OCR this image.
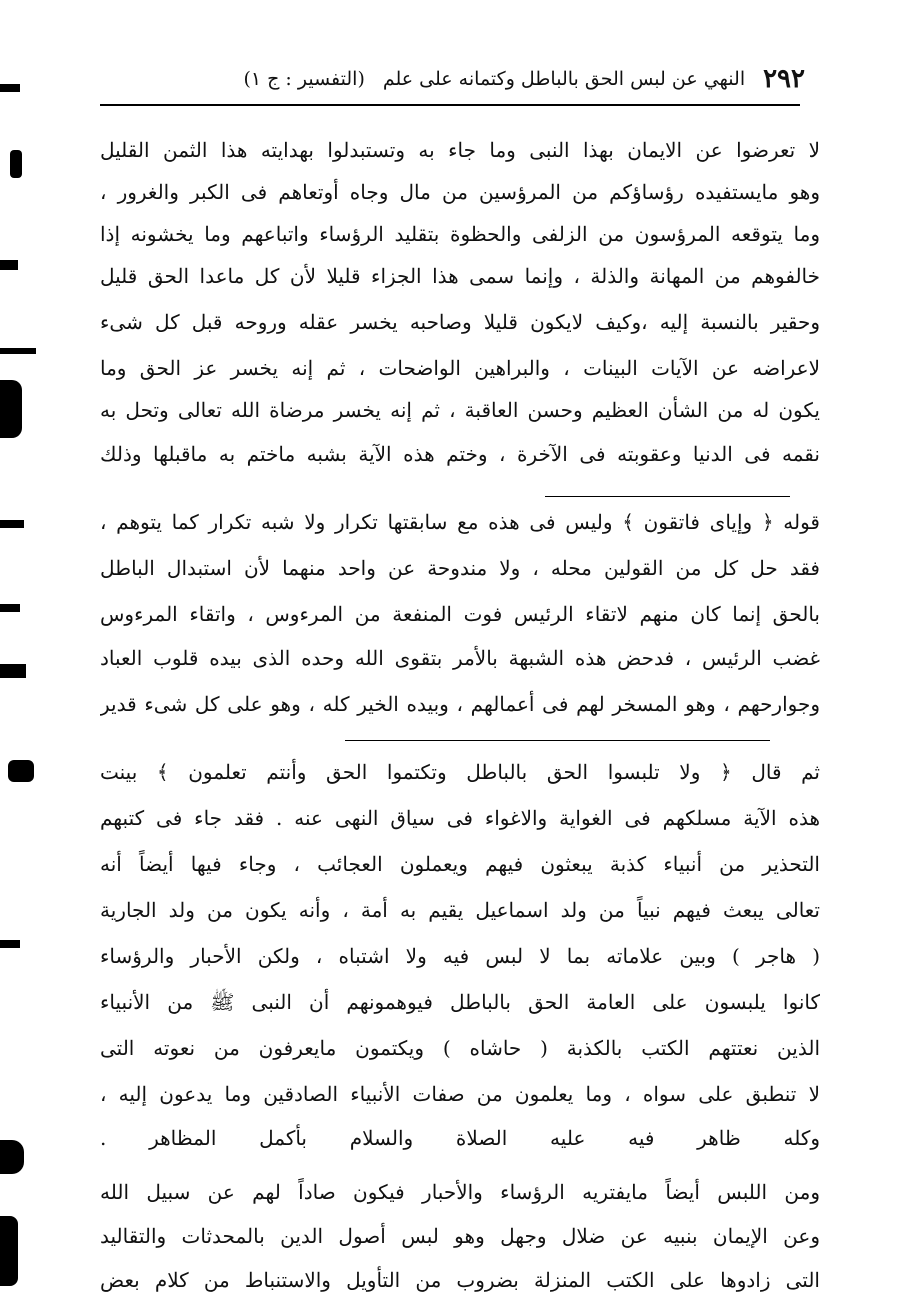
٢٩٢
النهي عن لبس الحق بالباطل وكتمانه على علم
(التفسير : ج ١)
لا تعرضوا عن الايمان بهذا النبى وما جاء به وتستبدلوا بهدايته هذا الثمن القليل
وهو مايستفيده رؤساؤكم من المرؤسين من مال وجاه أوتعاهم فى الكبر والغرور ،
وما يتوقعه المرؤسون من الزلفى والحظوة بتقليد الرؤساء واتباعهم وما يخشونه إذا
خالفوهم من المهانة والذلة ، وإنما سمى هذا الجزاء قليلا لأن كل ماعدا الحق قليل
وحقير بالنسبة إليه ،وكيف لايكون قليلا وصاحبه يخسر عقله وروحه قبل كل شىء
لاعراضه عن الآيات البينات ، والبراهين الواضحات ، ثم إنه يخسر عز الحق وما
يكون له من الشأن العظيم وحسن العاقبة ، ثم إنه يخسر مرضاة الله تعالى وتحل به
نقمه فى الدنيا وعقوبته فى الآخرة ، وختم هذه الآية بشبه ماختم به ماقبلها وذلك
قوله ﴿ وإياى فاتقون ﴾ وليس فى هذه مع سابقتها تكرار ولا شبه تكرار كما يتوهم ،
فقد حل كل من القولين محله ، ولا مندوحة عن واحد منهما لأن استبدال الباطل
بالحق إنما كان منهم لاتقاء الرئيس فوت المنفعة من المرءوس ، واتقاء المرءوس
غضب الرئيس ، فدحض هذه الشبهة بالأمر بتقوى الله وحده الذى بيده قلوب العباد
وجوارحهم ، وهو المسخر لهم فى أعمالهم ، وبيده الخير كله ، وهو على كل شىء قدير
ثم قال ﴿ ولا تلبسوا الحق بالباطل وتكتموا الحق وأنتم تعلمون ﴾ بينت
هذه الآية مسلكهم فى الغواية والاغواء فى سياق النهى عنه . فقد جاء فى كتبهم
التحذير من أنبياء كذبة يبعثون فيهم ويعملون العجائب ، وجاء فيها أيضاً أنه
تعالى يبعث فيهم نبياً من ولد اسماعيل يقيم به أمة ، وأنه يكون من ولد الجارية
( هاجر ) وبين علاماته بما لا لبس فيه ولا اشتباه ، ولكن الأحبار والرؤساء
كانوا يلبسون على العامة الحق بالباطل فيوهمونهم أن النبى ﷺ من الأنبياء
الذين نعتتهم الكتب بالكذبة ( حاشاه ) ويكتمون مايعرفون من نعوته التى
لا تنطبق على سواه ، وما يعلمون من صفات الأنبياء الصادقين وما يدعون إليه ،
وكله ظاهر فيه عليه الصلاة والسلام بأكمل المظاهر .
ومن اللبس أيضاً مايفتريه الرؤساء والأحبار فيكون صاداً لهم عن سبيل الله
وعن الإيمان بنبيه عن ضلال وجهل وهو لبس أصول الدين بالمحدثات والتقاليد
التى زادوها على الكتب المنزلة بضروب من التأويل والاستنباط من كلام بعض
